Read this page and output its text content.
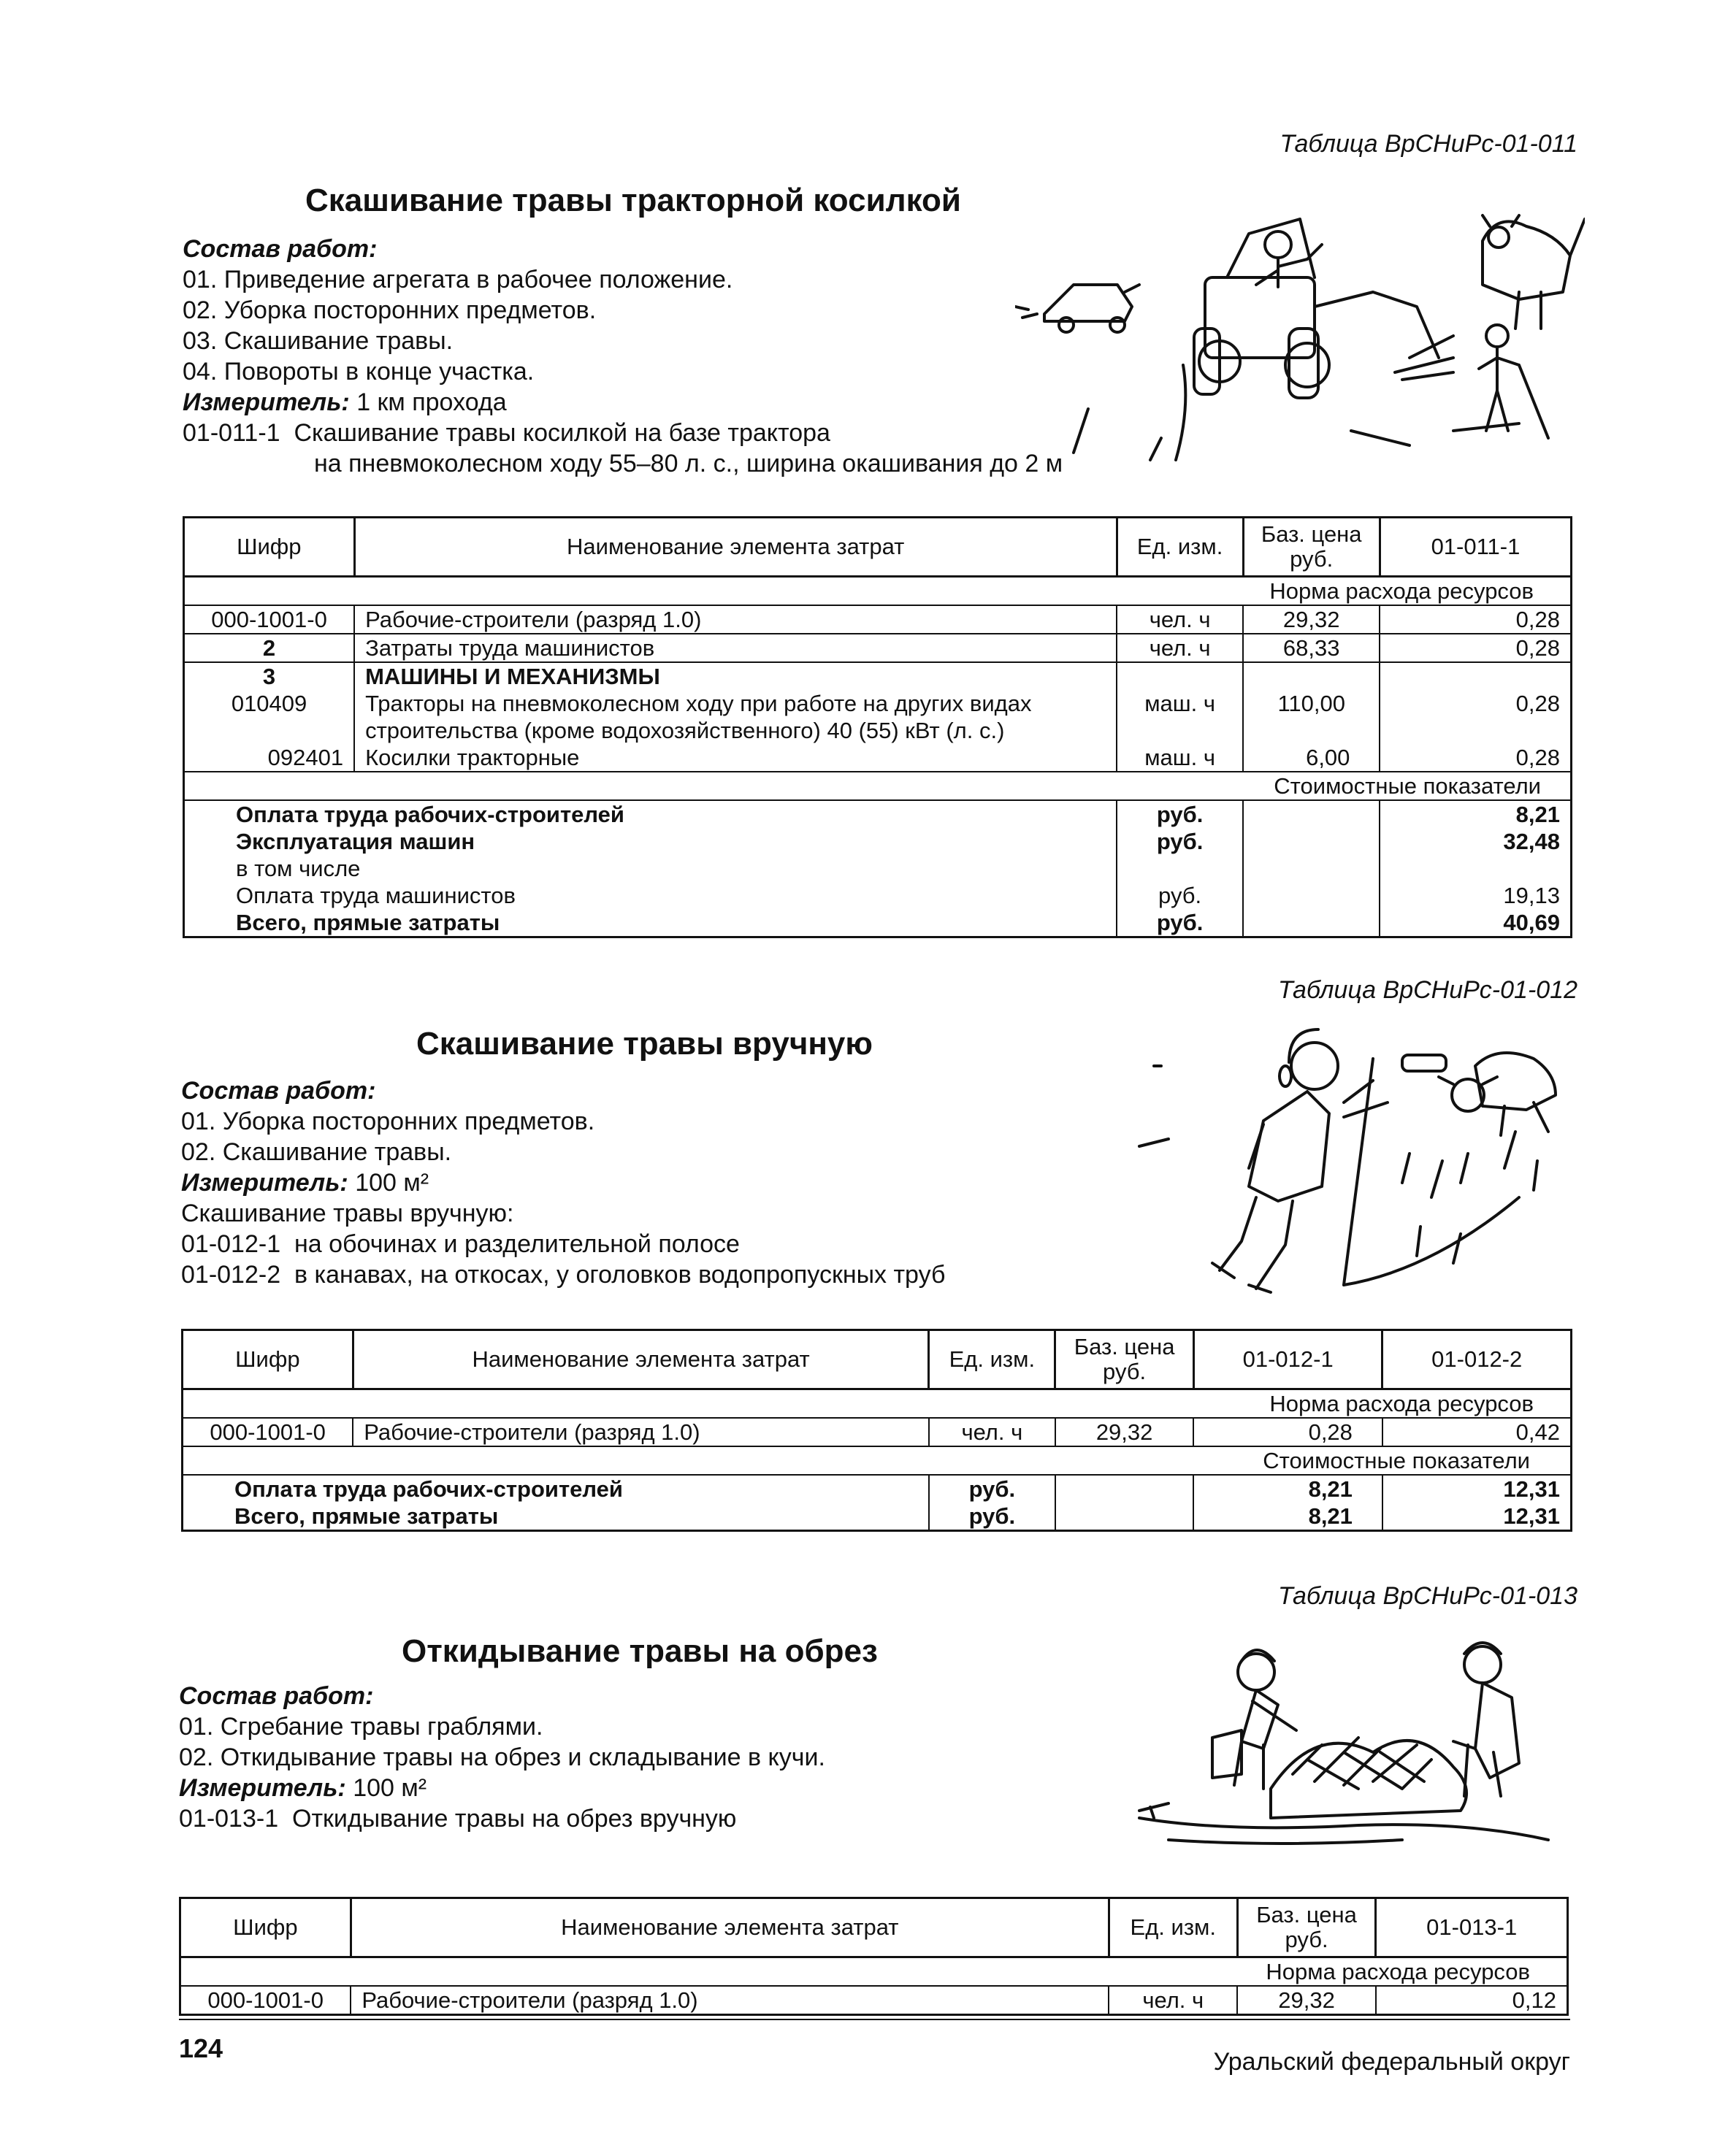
Таблица ВрСНиРс-01-011
Скашивание травы тракторной косилкой
Состав работ:
01. Приведение агрегата в рабочее положение.
02. Уборка посторонних предметов.
03. Скашивание травы.
04. Повороты в конце участка.
Измеритель: 1 км прохода
01-011-1 Скашивание травы косилкой на базе трактора
на пневмоколесном ходу 55–80 л. с., ширина окашивания до 2 м
Шифр	Наименование элемента затрат	Ед. изм.	Баз. цена руб.	01-011-1
Норма расхода ресурсов				
000-1001-0	Рабочие-строители (разряд 1.0)	чел. ч	29,32	0,28
2	Затраты труда машинистов	чел. ч	68,33	0,28
3	МАШИНЫ И МЕХАНИЗМЫ			
010409	Тракторы на пневмоколесном ходу при работе на других видах	маш. ч	110,00	0,28
	строительства (кроме водохозяйственного) 40 (55) кВт (л. с.)			
092401	Косилки тракторные	маш. ч	6,00	0,28
Стоимостные показатели				
Оплата труда рабочих-строителей		руб.		8,21
Эксплуатация машин		руб.		32,48
в том числе				
Оплата труда машинистов		руб.		19,13
Всего, прямые затраты		руб.		40,69
Таблица ВрСНиРс-01-012
Скашивание травы вручную
Состав работ:
01. Уборка посторонних предметов.
02. Скашивание травы.
Измеритель: 100 м²
Скашивание травы вручную:
01-012-1 на обочинах и разделительной полосе
01-012-2 в канавах, на откосах, у оголовков водопропускных труб
Шифр	Наименование элемента затрат	Ед. изм.	Баз. цена руб.	01-012-1	01-012-2
Норма расхода ресурсов					
000-1001-0	Рабочие-строители (разряд 1.0)	чел. ч	29,32	0,28	0,42
Стоимостные показатели					
Оплата труда рабочих-строителей		руб.		8,21	12,31
Всего, прямые затраты		руб.		8,21	12,31
Таблица ВрСНиРс-01-013
Откидывание травы на обрез
Состав работ:
01. Сгребание травы граблями.
02. Откидывание травы на обрез и складывание в кучи.
Измеритель: 100 м²
01-013-1 Откидывание травы на обрез вручную
Шифр	Наименование элемента затрат	Ед. изм.	Баз. цена руб.	01-013-1
Норма расхода ресурсов				
000-1001-0	Рабочие-строители (разряд 1.0)	чел. ч	29,32	0,12
124	Уральский федеральный округ
